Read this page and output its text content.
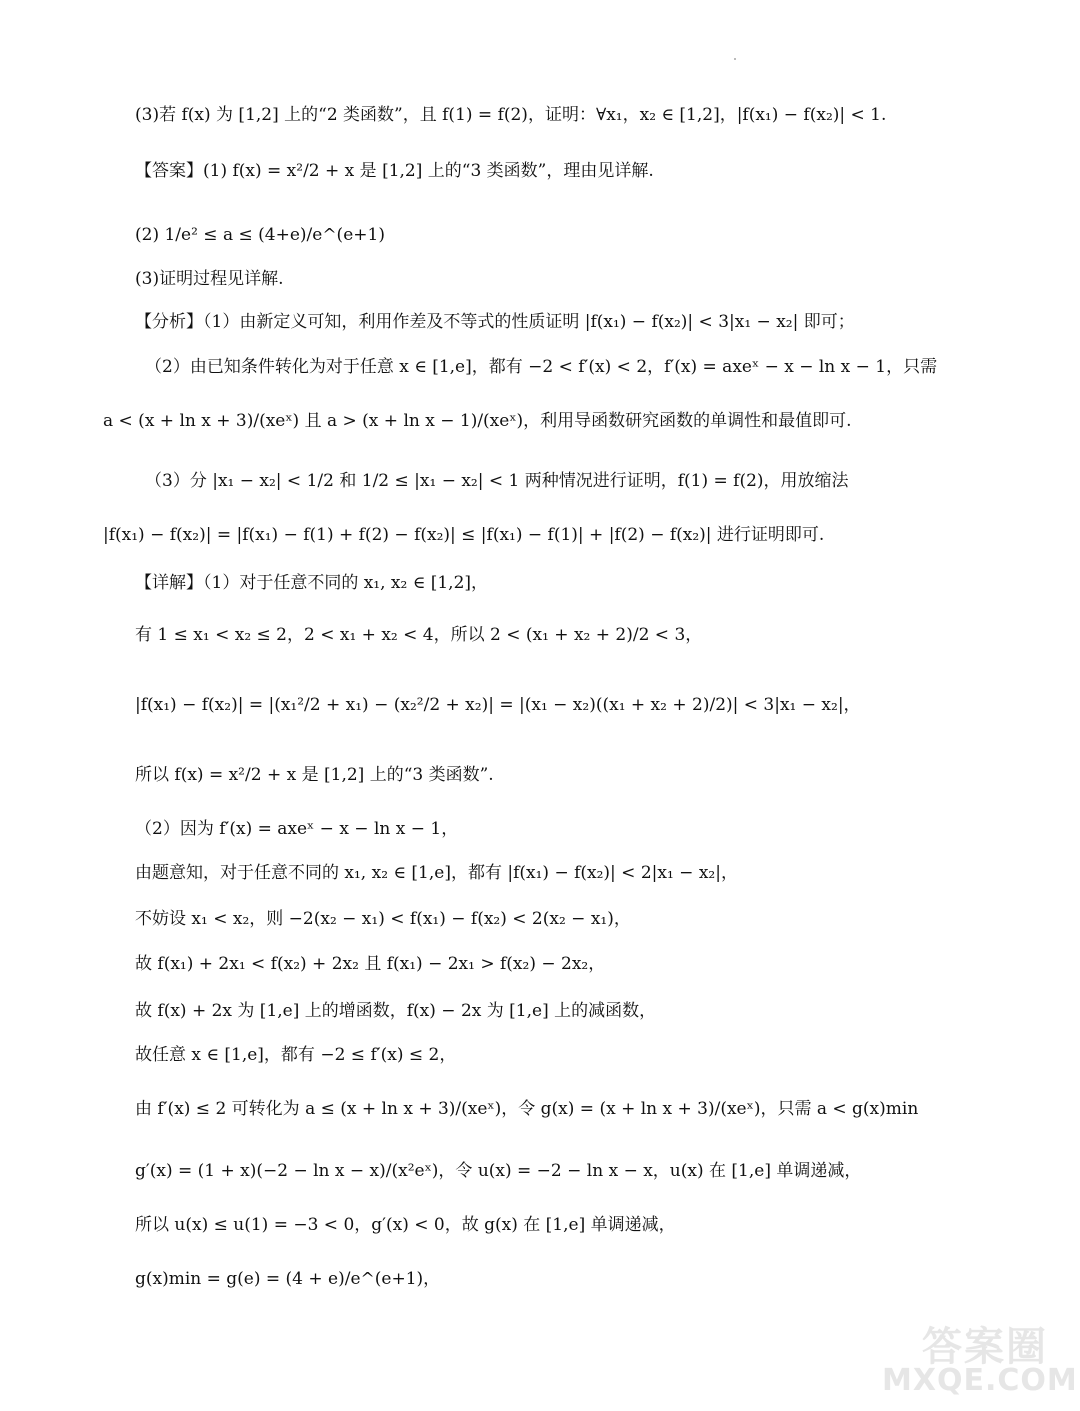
(3)若 f(x) 为 [1,2] 上的“2 类函数”，且 f(1) = f(2)，证明：∀x₁，x₂ ∈ [1,2]，|f(x₁) − f(x₂)| < 1.
【答案】(1) f(x) = x²/2 + x 是 [1,2] 上的“3 类函数”，理由见详解.
(2) 1/e² ≤ a ≤ (4+e)/e^(e+1)
(3)证明过程见详解.
【分析】（1）由新定义可知，利用作差及不等式的性质证明 |f(x₁) − f(x₂)| < 3|x₁ − x₂| 即可；
（2）由已知条件转化为对于任意 x ∈ [1,e]，都有 −2 < f′(x) < 2，f′(x) = axeˣ − x − ln x − 1，只需
a < (x + ln x + 3)/(xeˣ) 且 a > (x + ln x − 1)/(xeˣ)，利用导函数研究函数的单调性和最值即可.
（3）分 |x₁ − x₂| < 1/2 和 1/2 ≤ |x₁ − x₂| < 1 两种情况进行证明，f(1) = f(2)，用放缩法
|f(x₁) − f(x₂)| = |f(x₁) − f(1) + f(2) − f(x₂)| ≤ |f(x₁) − f(1)| + |f(2) − f(x₂)| 进行证明即可.
【详解】（1）对于任意不同的 x₁, x₂ ∈ [1,2]，
有 1 ≤ x₁ < x₂ ≤ 2，2 < x₁ + x₂ < 4，所以 2 < (x₁ + x₂ + 2)/2 < 3，
|f(x₁) − f(x₂)| = |(x₁²/2 + x₁) − (x₂²/2 + x₂)| = |(x₁ − x₂)((x₁ + x₂ + 2)/2)| < 3|x₁ − x₂|，
所以 f(x) = x²/2 + x 是 [1,2] 上的“3 类函数”.
（2）因为 f′(x) = axeˣ − x − ln x − 1，
由题意知，对于任意不同的 x₁, x₂ ∈ [1,e]，都有 |f(x₁) − f(x₂)| < 2|x₁ − x₂|，
不妨设 x₁ < x₂，则 −2(x₂ − x₁) < f(x₁) − f(x₂) < 2(x₂ − x₁)，
故 f(x₁) + 2x₁ < f(x₂) + 2x₂ 且 f(x₁) − 2x₁ > f(x₂) − 2x₂，
故 f(x) + 2x 为 [1,e] 上的增函数，f(x) − 2x 为 [1,e] 上的减函数，
故任意 x ∈ [1,e]，都有 −2 ≤ f′(x) ≤ 2，
由 f′(x) ≤ 2 可转化为 a ≤ (x + ln x + 3)/(xeˣ)，令 g(x) = (x + ln x + 3)/(xeˣ)，只需 a < g(x)min
g′(x) = (1 + x)(−2 − ln x − x)/(x²eˣ)，令 u(x) = −2 − ln x − x，u(x) 在 [1,e] 单调递减，
所以 u(x) ≤ u(1) = −3 < 0，g′(x) < 0，故 g(x) 在 [1,e] 单调递减，
g(x)min = g(e) = (4 + e)/e^(e+1)，
答案圈
MXQE.COM
